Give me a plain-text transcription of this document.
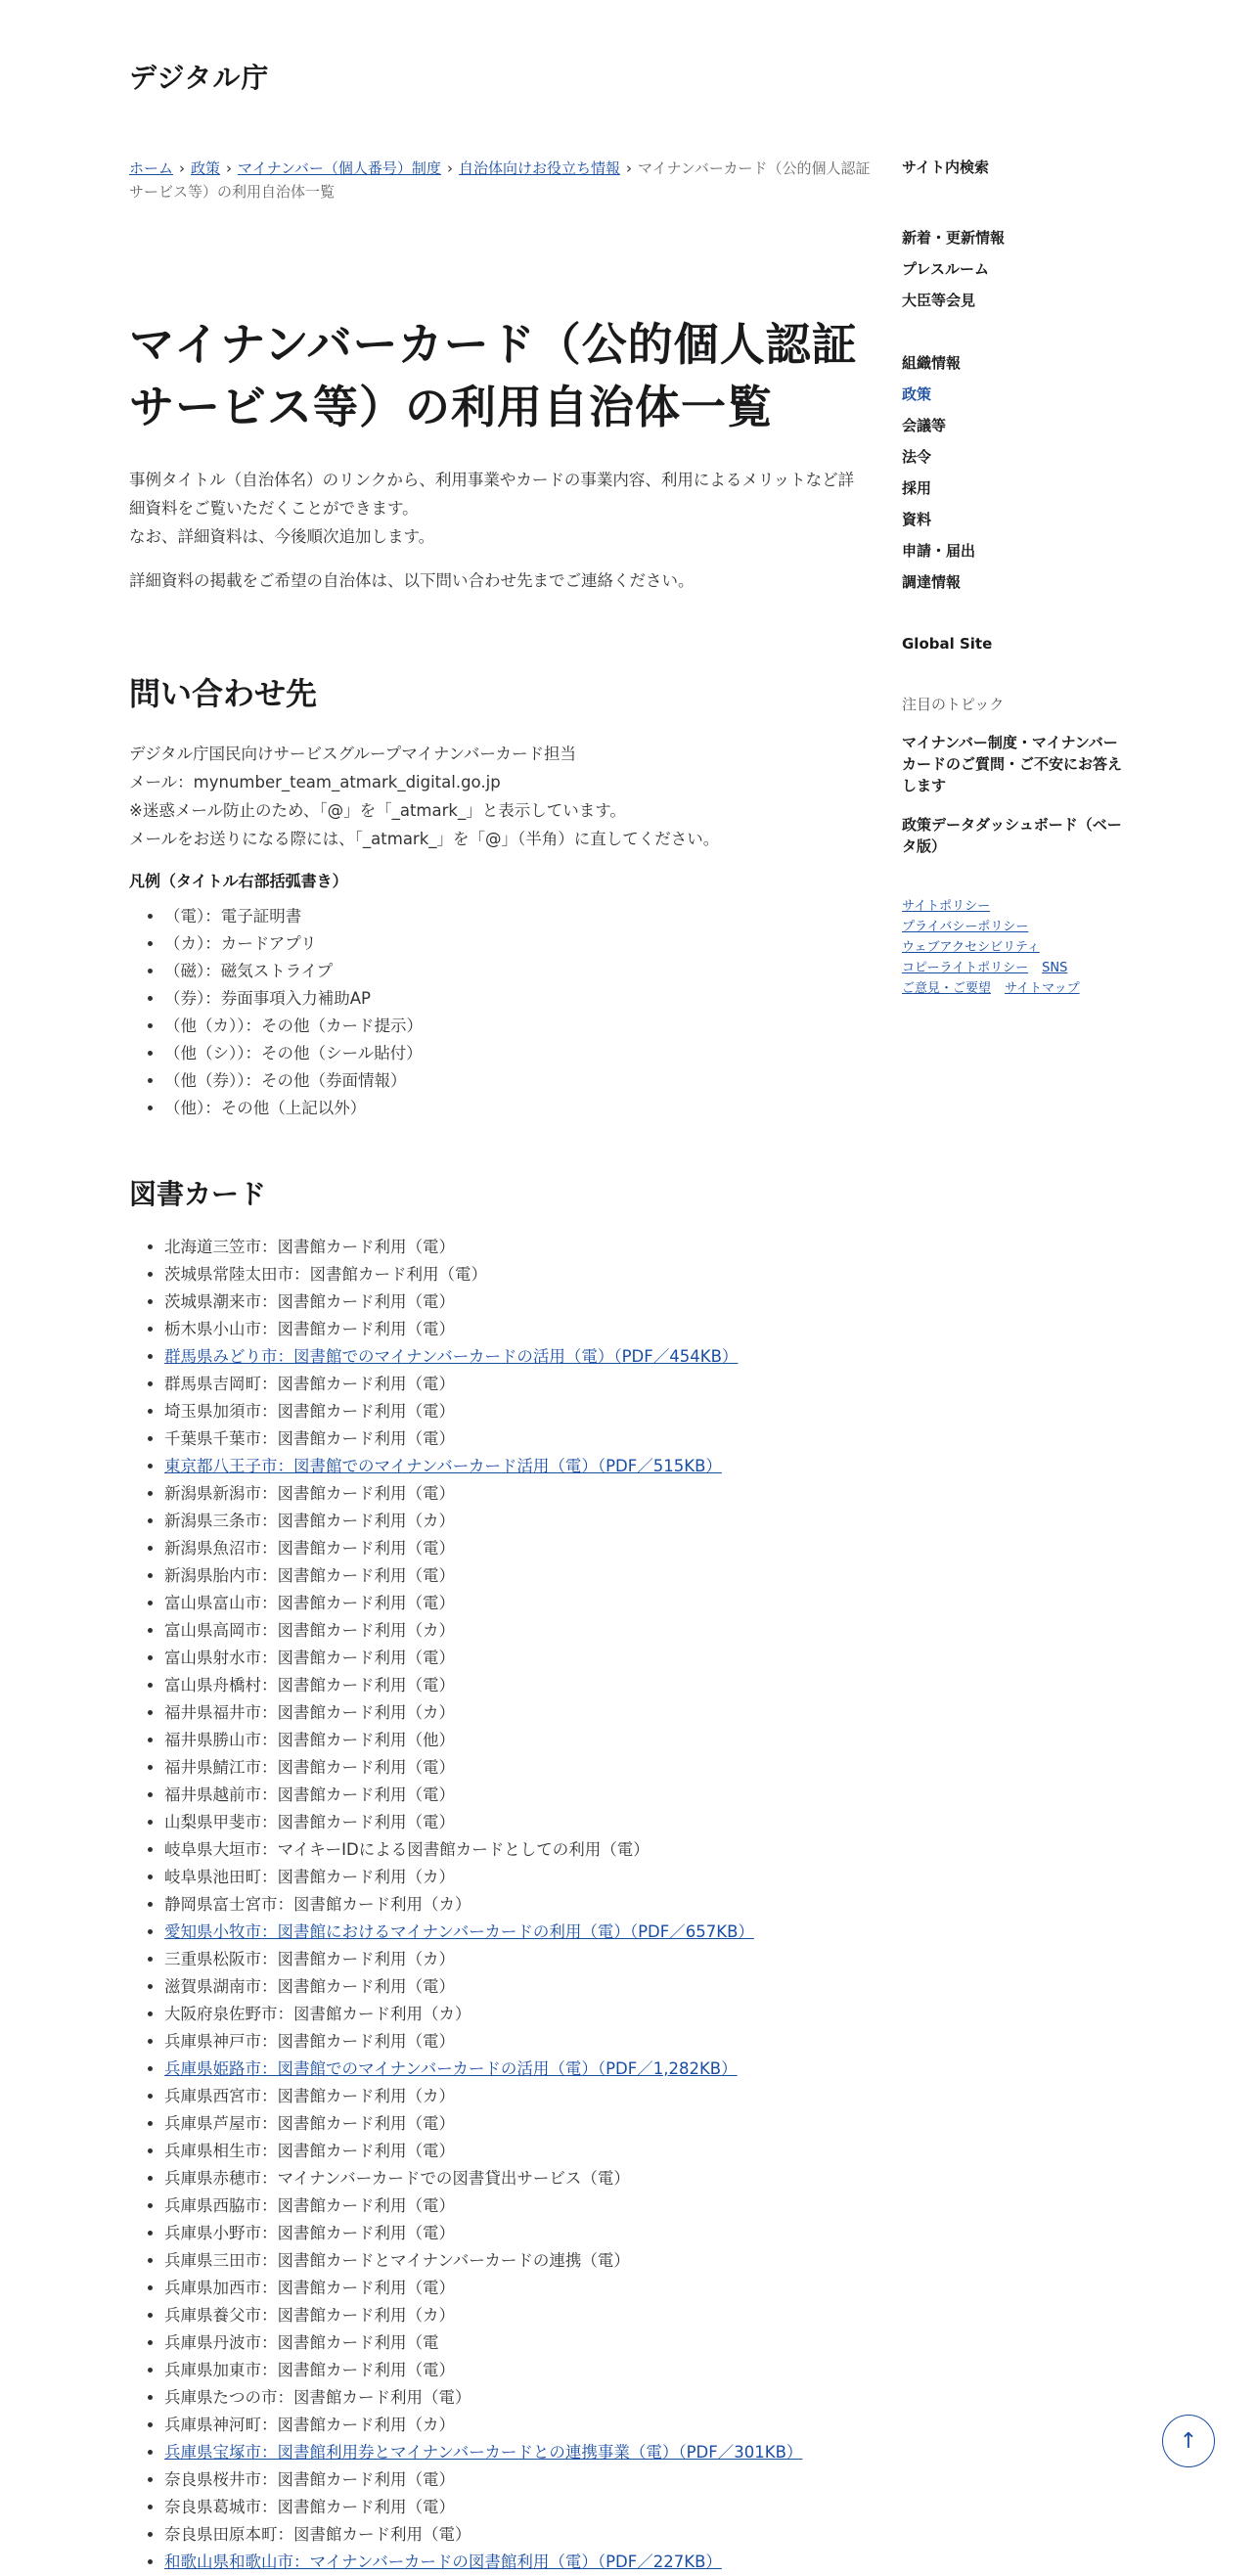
デジタル庁
ホーム › 政策 › マイナンバー（個人番号）制度 › 自治体向けお役立ち情報 › マイナンバーカード（公的個人認証サービス等）の利用自治体一覧
マイナンバーカード（公的個人認証サービス等）の利用自治体一覧

事例タイトル（自治体名）のリンクから、利用事業やカードの事業内容、利用によるメリットなど詳
細資料をご覧いただくことができます。
なお、詳細資料は、今後順次追加します。

詳細資料の掲載をご希望の自治体は、以下問い合わせ先までご連絡ください。

問い合わせ先

デジタル庁国民向けサービスグループマイナンバーカード担当

メール：mynumber_team_atmark_digital.go.jp

※迷惑メール防止のため、「@」を「_atmark_」と表示しています。

メールをお送りになる際には、「_atmark_」を「@」（半角）に直してください。

凡例（タイトル右部括弧書き）
• （電）：電子証明書
• （カ）：カードアプリ
• （磁）：磁気ストライプ
• （券）：券面事項入力補助AP
• （他（カ））：その他（カード提示）
• （他（シ））：その他（シール貼付）
• （他（券））：その他（券面情報）
• （他）：その他（上記以外）
図書カード
• 北海道三笠市：図書館カード利用（電）
• 茨城県常陸太田市：図書館カード利用（電）
• 茨城県潮来市：図書館カード利用（電）
• 栃木県小山市：図書館カード利用（電）
• 群馬県みどり市：図書館でのマイナンバーカードの活用（電）（PDF／454KB）
• 群馬県吉岡町：図書館カード利用（電）
• 埼玉県加須市：図書館カード利用（電）
• 千葉県千葉市：図書館カード利用（電）
• 東京都八王子市：図書館でのマイナンバーカード活用（電）（PDF／515KB）
• 新潟県新潟市：図書館カード利用（電）
• 新潟県三条市：図書館カード利用（カ）
• 新潟県魚沼市：図書館カード利用（電）
• 新潟県胎内市：図書館カード利用（電）
• 富山県富山市：図書館カード利用（電）
• 富山県高岡市：図書館カード利用（カ）
• 富山県射水市：図書館カード利用（電）
• 富山県舟橋村：図書館カード利用（電）
• 福井県福井市：図書館カード利用（カ）
• 福井県勝山市：図書館カード利用（他）
• 福井県鯖江市：図書館カード利用（電）
• 福井県越前市：図書館カード利用（電）
• 山梨県甲斐市：図書館カード利用（電）
• 岐阜県大垣市：マイキーIDによる図書館カードとしての利用（電）
• 岐阜県池田町：図書館カード利用（カ）
• 静岡県富士宮市：図書館カード利用（カ）
• 愛知県小牧市：図書館におけるマイナンバーカードの利用（電）（PDF／657KB）
• 三重県松阪市：図書館カード利用（カ）
• 滋賀県湖南市：図書館カード利用（電）
• 大阪府泉佐野市：図書館カード利用（カ）
• 兵庫県神戸市：図書館カード利用（電）
• 兵庫県姫路市：図書館でのマイナンバーカードの活用（電）（PDF／1,282KB）
• 兵庫県西宮市：図書館カード利用（カ）
• 兵庫県芦屋市：図書館カード利用（電）
• 兵庫県相生市：図書館カード利用（電）
• 兵庫県赤穂市：マイナンバーカードでの図書貸出サービス（電）
• 兵庫県西脇市：図書館カード利用（電）
• 兵庫県小野市：図書館カード利用（電）
• 兵庫県三田市：図書館カードとマイナンバーカードの連携（電）
• 兵庫県加西市：図書館カード利用（電）
• 兵庫県養父市：図書館カード利用（カ）
• 兵庫県丹波市：図書館カード利用（電
• 兵庫県加東市：図書館カード利用（電）
• 兵庫県たつの市：図書館カード利用（電）
• 兵庫県神河町：図書館カード利用（カ）
• 兵庫県宝塚市：図書館利用券とマイナンバーカードとの連携事業（電）（PDF／301KB）
• 奈良県桜井市：図書館カード利用（電）
• 奈良県葛城市：図書館カード利用（電）
• 奈良県田原本町：図書館カード利用（電）
• 和歌山県和歌山市：マイナンバーカードの図書館利用（電）（PDF／227KB）
サイト内検索
新着・更新情報
プレスルーム
大臣等会見
組織情報
政策
会議等
法令
採用
資料
申請・届出
調達情報
Global Site
注目のトピック
マイナンバー制度・マイナンバーカードのご質問・ご不安にお答えします
政策データダッシュボード（ベータ版）
サイトポリシー
プライバシーポリシー
ウェブアクセシビリティ
コピーライトポリシー SNS
ご意見・ご要望 サイトマップ
↑
